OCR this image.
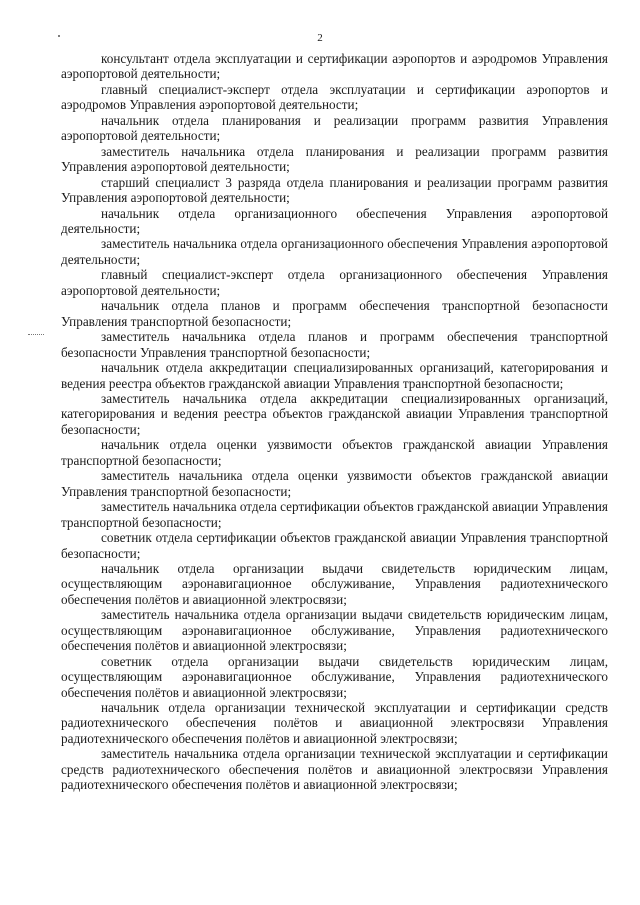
2

консультант отдела эксплуатации и сертификации аэропортов и аэродромов Управления аэропортовой деятельности;

главный специалист-эксперт отдела эксплуатации и сертификации аэропортов и аэродромов Управления аэропортовой деятельности;

начальник отдела планирования и реализации программ развития Управления аэропортовой деятельности;

заместитель начальника отдела планирования и реализации программ развития Управления аэропортовой деятельности;

старший специалист 3 разряда отдела планирования и реализации программ развития Управления аэропортовой деятельности;

начальник отдела организационного обеспечения Управления аэропортовой деятельности;

заместитель начальника отдела организационного обеспечения Управления аэропортовой деятельности;

главный специалист-эксперт отдела организационного обеспечения Управления аэропортовой деятельности;

начальник отдела планов и программ обеспечения транспортной безопасности Управления транспортной безопасности;

заместитель начальника отдела планов и программ обеспечения транспортной безопасности Управления транспортной безопасности;

начальник отдела аккредитации специализированных организаций, категорирования и ведения реестра объектов гражданской авиации Управления транспортной безопасности;

заместитель начальника отдела аккредитации специализированных организаций, категорирования и ведения реестра объектов гражданской авиации Управления транспортной безопасности;

начальник отдела оценки уязвимости объектов гражданской авиации Управления транспортной безопасности;

заместитель начальника отдела оценки уязвимости объектов гражданской авиации Управления транспортной безопасности;

заместитель начальника отдела сертификации объектов гражданской авиации Управления транспортной безопасности;

советник отдела сертификации объектов гражданской авиации Управления транспортной безопасности;

начальник отдела организации выдачи свидетельств юридическим лицам, осуществляющим аэронавигационное обслуживание, Управления радиотехнического обеспечения полётов и авиационной электросвязи;

заместитель начальника отдела организации выдачи свидетельств юридическим лицам, осуществляющим аэронавигационное обслуживание, Управления радиотехнического обеспечения полётов и авиационной электросвязи;

советник отдела организации выдачи свидетельств юридическим лицам, осуществляющим аэронавигационное обслуживание, Управления радиотехнического обеспечения полётов и авиационной электросвязи;

начальник отдела организации технической эксплуатации и сертификации средств радиотехнического обеспечения полётов и авиационной электросвязи Управления радиотехнического обеспечения полётов и авиационной электросвязи;

заместитель начальника отдела организации технической эксплуатации и сертификации средств радиотехнического обеспечения полётов и авиационной электросвязи Управления радиотехнического обеспечения полётов и авиационной электросвязи;
